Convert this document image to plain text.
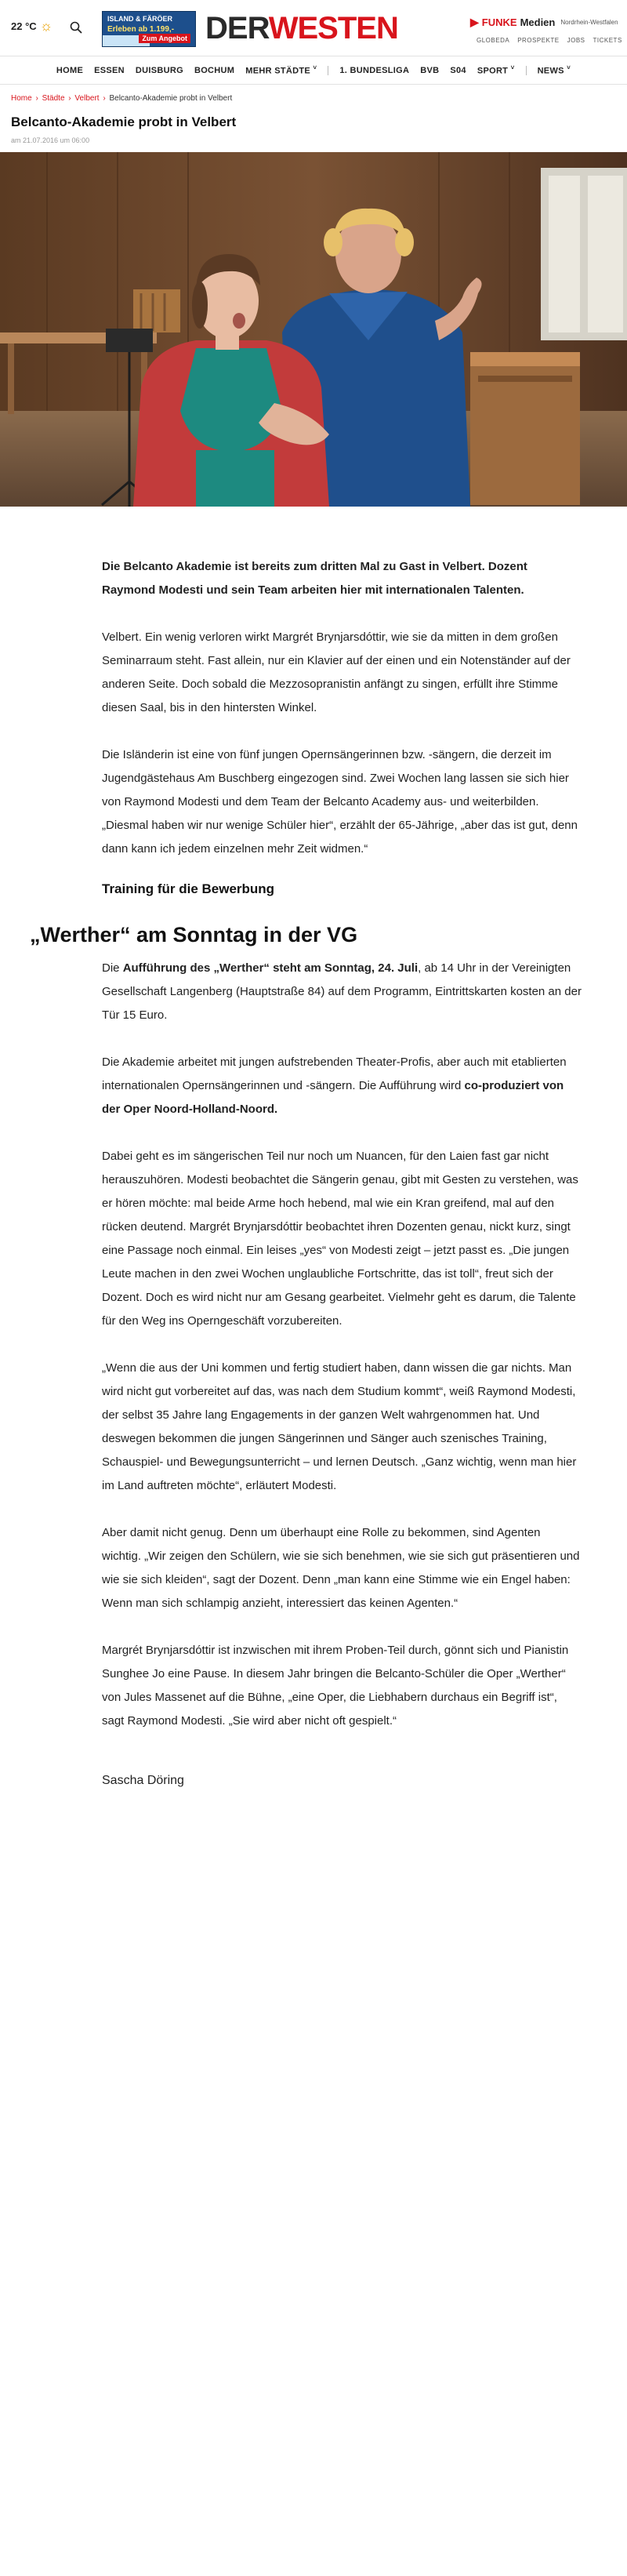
22 °C ☼	ISLAND & FÄRÖER
Erleben ab 1.199,-
Zum Angebot DERWESTEN	▶ FUNKE Medien Nordrhein-Westfalen
GLOBEDA PROSPEKTE JOBS TICKETS
HOME ESSEN DUISBURG BOCHUM MEHR STÄDTE ˅	1. BUNDESLIGA BVB S04 SPORT ˅	NEWS ˅
Home › Städte › Velbert › Belcanto-Akademie probt in Velbert
Belcanto-Akademie probt in Velbert
am 21.07.2016 um 06:00

Die Belcanto Akademie ist bereits zum dritten Mal zu Gast in Velbert. Dozent Raymond Modesti und sein Team arbeiten hier mit internationalen Talenten.

Velbert. Ein wenig verloren wirkt Margrét Brynjarsdóttir, wie sie da mitten in dem großen Seminarraum steht. Fast allein, nur ein Klavier auf der einen und ein Notenständer auf der anderen Seite. Doch sobald die Mezzosopranistin anfängt zu singen, erfüllt ihre Stimme diesen Saal, bis in den hintersten Winkel.

Die Isländerin ist eine von fünf jungen Opernsängerinnen bzw. -sängern, die derzeit im Jugendgästehaus Am Buschberg eingezogen sind. Zwei Wochen lang lassen sie sich hier von Raymond Modesti und dem Team der Belcanto Academy aus- und weiterbilden. „Diesmal haben wir nur wenige Schüler hier“, erzählt der 65-Jährige, „aber das ist gut, denn dann kann ich jedem einzelnen mehr Zeit widmen.“

Training für die Bewerbung
„Werther“ am Sonntag in der VG

Die Aufführung des „Werther“ steht am Sonntag, 24. Juli, ab 14 Uhr in der Vereinigten Gesellschaft Langenberg (Hauptstraße 84) auf dem Programm, Eintrittskarten kosten an der Tür 15 Euro.

Die Akademie arbeitet mit jungen aufstrebenden Theater-Profis, aber auch mit etablierten internationalen Opernsängerinnen und -sängern. Die Aufführung wird co-produziert von der Oper Noord-Holland-Noord.

Dabei geht es im sängerischen Teil nur noch um Nuancen, für den Laien fast gar nicht herauszuhören. Modesti beobachtet die Sängerin genau, gibt mit Gesten zu verstehen, was er hören möchte: mal beide Arme hoch hebend, mal wie ein Kran greifend, mal auf den rücken deutend. Margrét Brynjarsdóttir beobachtet ihren Dozenten genau, nickt kurz, singt eine Passage noch einmal. Ein leises „yes“ von Modesti zeigt – jetzt passt es. „Die jungen Leute machen in den zwei Wochen unglaubliche Fortschritte, das ist toll“, freut sich der Dozent. Doch es wird nicht nur am Gesang gearbeitet. Vielmehr geht es darum, die Talente für den Weg ins Operngeschäft vorzubereiten.

„Wenn die aus der Uni kommen und fertig studiert haben, dann wissen die gar nichts. Man wird nicht gut vorbereitet auf das, was nach dem Studium kommt“, weiß Raymond Modesti, der selbst 35 Jahre lang Engagements in der ganzen Welt wahrgenommen hat. Und deswegen bekommen die jungen Sängerinnen und Sänger auch szenisches Training, Schauspiel- und Bewegungsunterricht – und lernen Deutsch. „Ganz wichtig, wenn man hier im Land auftreten möchte“, erläutert Modesti.

Aber damit nicht genug. Denn um überhaupt eine Rolle zu bekommen, sind Agenten wichtig. „Wir zeigen den Schülern, wie sie sich benehmen, wie sie sich gut präsentieren und wie sie sich kleiden“, sagt der Dozent. Denn „man kann eine Stimme wie ein Engel haben: Wenn man sich schlampig anzieht, interessiert das keinen Agenten.“

Margrét Brynjarsdóttir ist inzwischen mit ihrem Proben-Teil durch, gönnt sich und Pianistin Sunghee Jo eine Pause. In diesem Jahr bringen die Belcanto-Schüler die Oper „Werther“ von Jules Massenet auf die Bühne, „eine Oper, die Liebhabern durchaus ein Begriff ist“, sagt Raymond Modesti. „Sie wird aber nicht oft gespielt.“

Sascha Döring
